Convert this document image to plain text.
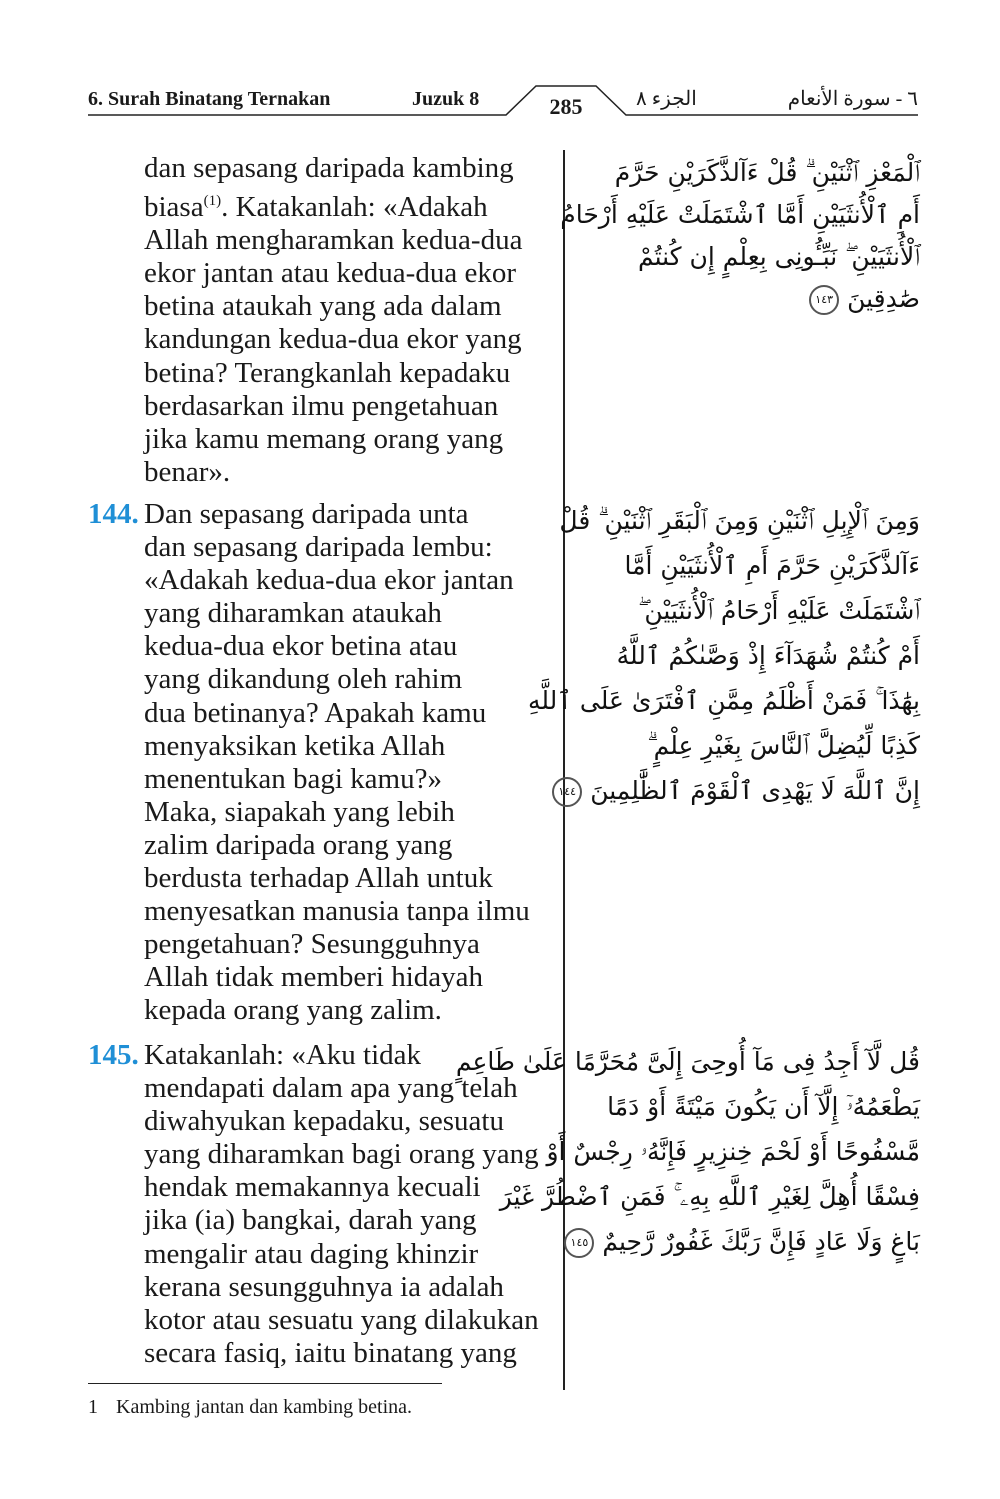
6. Surah Binatang Ternakan	Juzuk 8	285	الجزء ٨	٦ - سورة الأنعام
dan sepasang daripada kambing
biasa$^{(1)}$. Katakanlah: «Adakah
Allah mengharamkan kedua-dua
ekor jantan atau kedua-dua ekor
betina ataukah yang ada dalam
kandungan kedua-dua ekor yang
betina? Terangkanlah kepadaku
berdasarkan ilmu pengetahuan
jika kamu memang orang yang
benar».
144. Dan sepasang daripada unta
dan sepasang daripada lembu:
«Adakah kedua-dua ekor jantan
yang diharamkan ataukah
kedua-dua ekor betina atau
yang dikandung oleh rahim
dua betinanya? Apakah kamu
menyaksikan ketika Allah
menentukan bagi kamu?»
Maka, siapakah yang lebih
zalim daripada orang yang
berdusta terhadap Allah untuk
menyesatkan manusia tanpa ilmu
pengetahuan? Sesungguhnya
Allah tidak memberi hidayah
kepada orang yang zalim.
145. Katakanlah: «Aku tidak
mendapati dalam apa yang telah
diwahyukan kepadaku, sesuatu
yang diharamkan bagi orang yang
hendak memakannya kecuali
jika (ia) bangkai, darah yang
mengalir atau daging khinzir
kerana sesungguhnya ia adalah
kotor atau sesuatu yang dilakukan
secara fasiq, iaitu binatang yang
ٱلْمَعْزِ ٱثْنَيْنِ ۗ قُلْ ءَآلذَّكَرَيْنِ حَرَّمَ
أَمِ ٱلْأُنثَيَيْنِ أَمَّا ٱشْتَمَلَتْ عَلَيْهِ أَرْحَامُ
ٱلْأُنثَيَيْنِ ۖ نَبِّـُٔونِى بِعِلْمٍ إِن كُنتُمْ
صَٰدِقِينَ ١٤٣
وَمِنَ ٱلْإِبِلِ ٱثْنَيْنِ وَمِنَ ٱلْبَقَرِ ٱثْنَيْنِ ۗ قُلْ
ءَآلذَّكَرَيْنِ حَرَّمَ أَمِ ٱلْأُنثَيَيْنِ أَمَّا
ٱشْتَمَلَتْ عَلَيْهِ أَرْحَامُ ٱلْأُنثَيَيْنِ ۖ
أَمْ كُنتُمْ شُهَدَآءَ إِذْ وَصَّىٰكُمُ ٱللَّهُ
بِهَٰذَا ۚ فَمَنْ أَظْلَمُ مِمَّنِ ٱفْتَرَىٰ عَلَى ٱللَّهِ
كَذِبًا لِّيُضِلَّ ٱلنَّاسَ بِغَيْرِ عِلْمٍ ۗ
إِنَّ ٱللَّهَ لَا يَهْدِى ٱلْقَوْمَ ٱلظَّٰلِمِينَ ١٤٤
قُل لَّآ أَجِدُ فِى مَآ أُوحِىَ إِلَىَّ مُحَرَّمًا عَلَىٰ طَاعِمٍ
يَطْعَمُهُۥٓ إِلَّآ أَن يَكُونَ مَيْتَةً أَوْ دَمًا
مَّسْفُوحًا أَوْ لَحْمَ خِنزِيرٍ فَإِنَّهُۥ رِجْسٌ أَوْ
فِسْقًا أُهِلَّ لِغَيْرِ ٱللَّهِ بِهِۦ ۚ فَمَنِ ٱضْطُرَّ غَيْرَ
بَاغٍ وَلَا عَادٍ فَإِنَّ رَبَّكَ غَفُورٌ رَّحِيمٌ ١٤٥
1 Kambing jantan dan kambing betina.
